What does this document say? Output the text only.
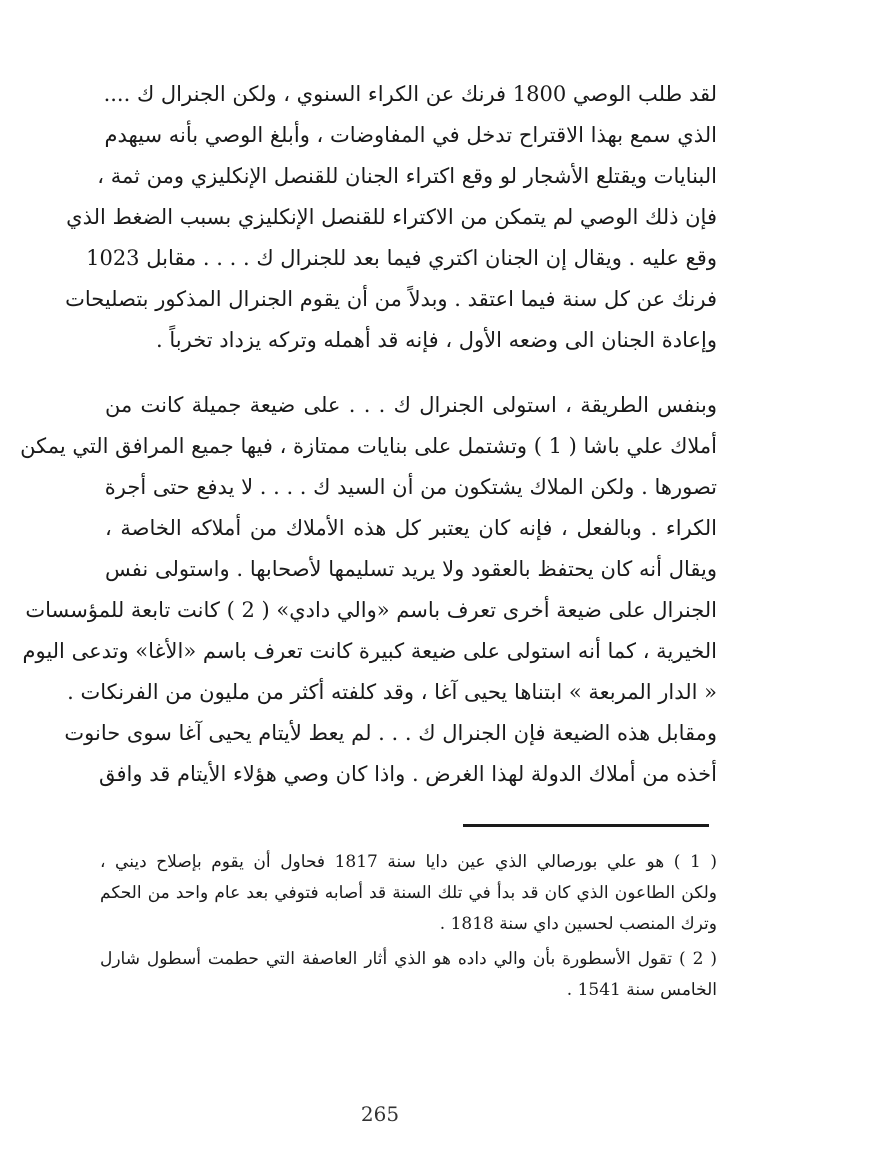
لقد طلب الوصي 1800 فرنك عن الكراء السنوي ، ولكن الجنرال ك ....
الذي سمع بهذا الاقتراح تدخل في المفاوضات ، وأبلغ الوصي بأنه سيهدم
البنايات ويقتلع الأشجار لو وقع اكتراء الجنان للقنصل الإنكليزي ومن ثمة ،
فإن ذلك الوصي لم يتمكن من الاكتراء للقنصل الإنكليزي بسبب الضغط الذي
وقع عليه . ويقال إن الجنان اكتري فيما بعد للجنرال ك . . . . مقابل 1023
فرنك عن كل سنة فيما اعتقد . وبدلاً من أن يقوم الجنرال المذكور بتصليحات
وإعادة الجنان الى وضعه الأول ، فإنه قد أهمله وتركه يزداد تخرباً .
وبنفس الطريقة ، استولى الجنرال ك . . . على ضيعة جميلة كانت من
أملاك علي باشا ( 1 ) وتشتمل على بنايات ممتازة ، فيها جميع المرافق التي يمكن
تصورها . ولكن الملاك يشتكون من أن السيد ك . . . . لا يدفع حتى أجرة
الكراء . وبالفعل ، فإنه كان يعتبر كل هذه الأملاك من أملاكه الخاصة ،
ويقال أنه كان يحتفظ بالعقود ولا يريد تسليمها لأصحابها . واستولى نفس
الجنرال على ضيعة أخرى تعرف باسم «والي دادي» ( 2 ) كانت تابعة للمؤسسات
الخيرية ، كما أنه استولى على ضيعة كبيرة كانت تعرف باسم «الأغا» وتدعى اليوم
« الدار المربعة » ابتناها يحيى آغا ، وقد كلفته أكثر من مليون من الفرنكات .
ومقابل هذه الضيعة فإن الجنرال ك . . . لم يعط لأيتام يحيى آغا سوى حانوت
أخذه من أملاك الدولة لهذا الغرض . واذا كان وصي هؤلاء الأيتام قد وافق
( 1 ) هو علي بورصالي الذي عين دايا سنة 1817 فحاول أن يقوم بإصلاح ديني ،
ولكن الطاعون الذي كان قد بدأ في تلك السنة قد أصابه فتوفي بعد عام واحد من الحكم
وترك المنصب لحسين داي سنة 1818 .
( 2 ) تقول الأسطورة بأن والي داده هو الذي أثار العاصفة التي حطمت أسطول شارل
الخامس سنة 1541 .
265
